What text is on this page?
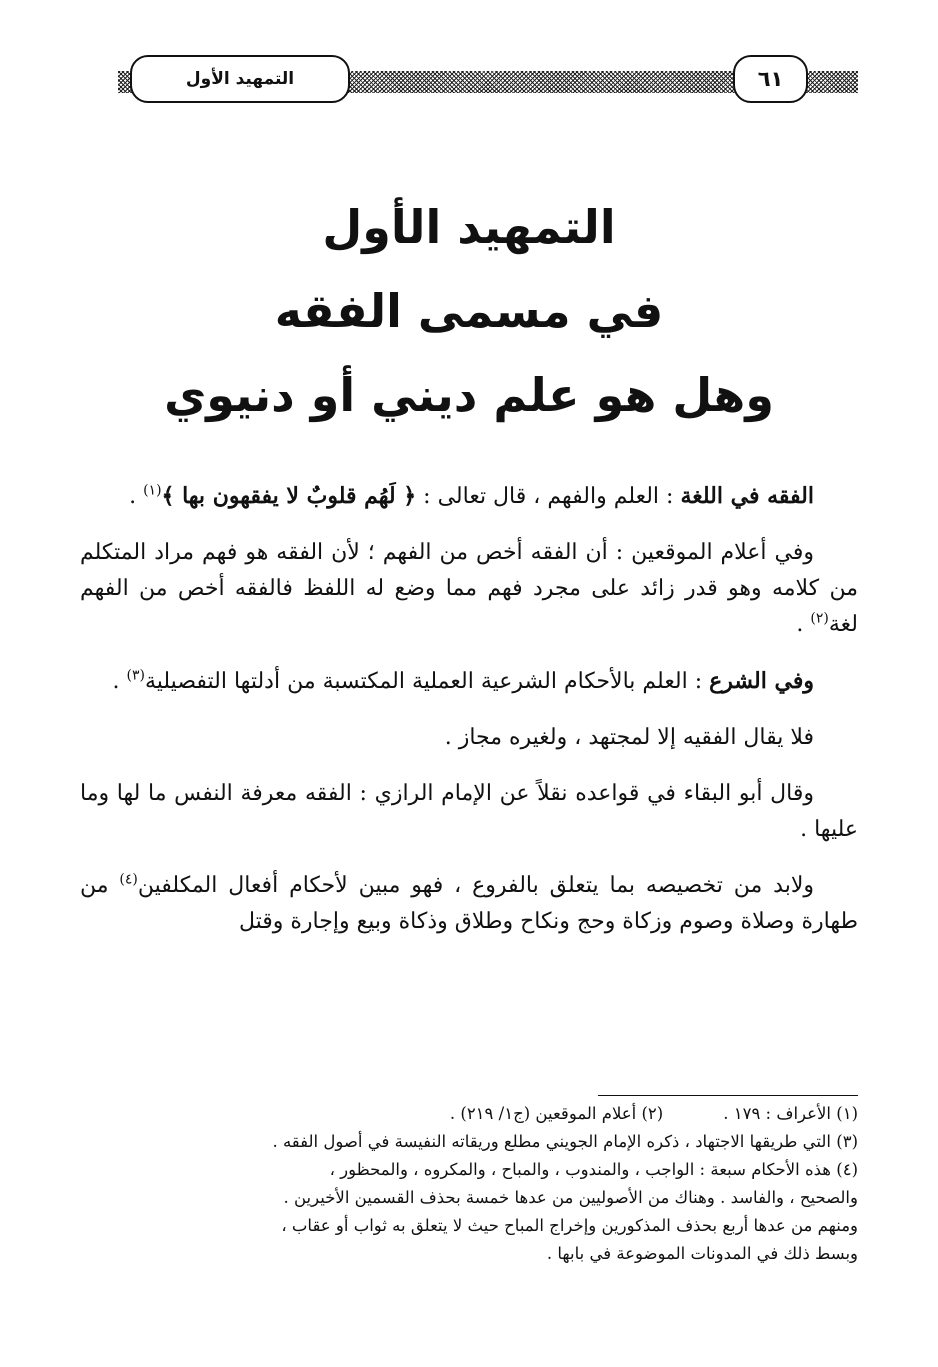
التمهيد الأول	٦١

التمهيد الأول

في مسمى الفقه

وهل هو علم ديني أو دنيوي

الفقه في اللغة : العلم والفهم ، قال تعالى : ﴿ لَهُم قلوبٌ لا يفقهون بها ﴾$^{(١)}$ .

وفي أعلام الموقعين : أن الفقه أخص من الفهم ؛ لأن الفقه هو فهم مراد المتكلم من كلامه وهو قدر زائد على مجرد فهم مما وضع له اللفظ فالفقه أخص من الفهم لغة$^{(٢)}$ .

وفي الشرع : العلم بالأحكام الشرعية العملية المكتسبة من أدلتها التفصيلية$^{(٣)}$ .

فلا يقال الفقيه إلا لمجتهد ، ولغيره مجاز .

وقال أبو البقاء في قواعده نقلاً عن الإمام الرازي : الفقه معرفة النفس ما لها وما عليها .

ولابد من تخصيصه بما يتعلق بالفروع ، فهو مبين لأحكام أفعال المكلفين$^{(٤)}$ من طهارة وصلاة وصوم وزكاة وحج ونكاح وطلاق وذكاة وبيع وإجارة وقتل

(١) الأعراف : ١٧٩ .

(٢) أعلام الموقعين (ج١/ ٢١٩) .

(٣) التي طريقها الاجتهاد ، ذكره الإمام الجويني مطلع وريقاته النفيسة في أصول الفقه .

(٤) هذه الأحكام سبعة : الواجب ، والمندوب ، والمباح ، والمكروه ، والمحظور ،

والصحيح ، والفاسد . وهناك من الأصوليين من عدها خمسة بحذف القسمين الأخيرين .

ومنهم من عدها أربع بحذف المذكورين وإخراج المباح حيث لا يتعلق به ثواب أو عقاب ،

وبسط ذلك في المدونات الموضوعة في بابها .
